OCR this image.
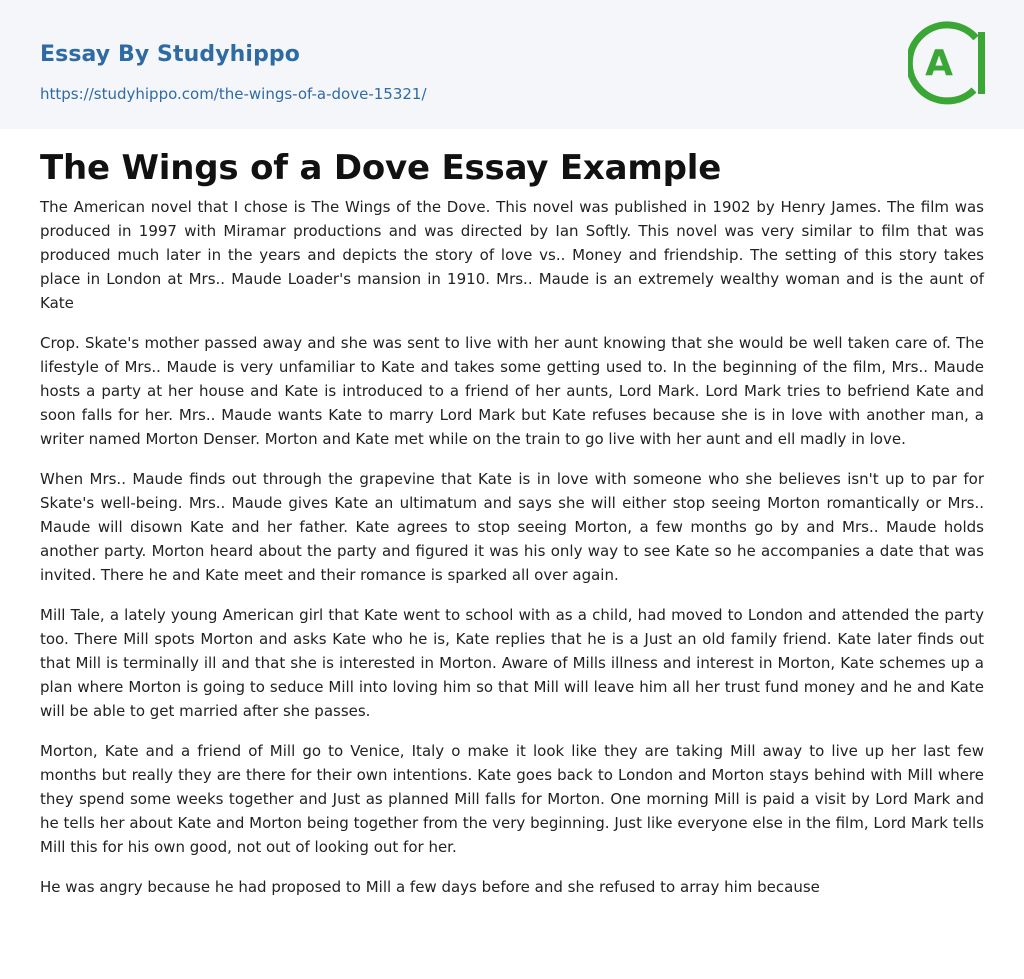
Essay By Studyhippo
https://studyhippo.com/the-wings-of-a-dove-15321/
A
The Wings of a Dove Essay Example

The American novel that I chose is The Wings of the Dove. This novel was published in 1902 by Henry James. The film was produced in 1997 with Miramar productions and was directed by Ian Softly. This novel was very similar to film that was produced much later in the years and depicts the story of love vs.. Money and friendship. The setting of this story takes place in London at Mrs.. Maude Loader's mansion in 1910. Mrs.. Maude is an extremely wealthy woman and is the aunt of Kate

Crop. Skate's mother passed away and she was sent to live with her aunt knowing that she would be well taken care of. The lifestyle of Mrs.. Maude is very unfamiliar to Kate and takes some getting used to. In the beginning of the film, Mrs.. Maude hosts a party at her house and Kate is introduced to a friend of her aunts, Lord Mark. Lord Mark tries to befriend Kate and soon falls for her. Mrs.. Maude wants Kate to marry Lord Mark but Kate refuses because she is in love with another man, a writer named Morton Denser. Morton and Kate met while on the train to go live with her aunt and ell madly in love.

When Mrs.. Maude finds out through the grapevine that Kate is in love with someone who she believes isn't up to par for Skate's well-being. Mrs.. Maude gives Kate an ultimatum and says she will either stop seeing Morton romantically or Mrs.. Maude will disown Kate and her father. Kate agrees to stop seeing Morton, a few months go by and Mrs.. Maude holds another party. Morton heard about the party and figured it was his only way to see Kate so he accompanies a date that was invited. There he and Kate meet and their romance is sparked all over again.

Mill Tale, a lately young American girl that Kate went to school with as a child, had moved to London and attended the party too. There Mill spots Morton and asks Kate who he is, Kate replies that he is a Just an old family friend. Kate later finds out that Mill is terminally ill and that she is interested in Morton. Aware of Mills illness and interest in Morton, Kate schemes up a plan where Morton is going to seduce Mill into loving him so that Mill will leave him all her trust fund money and he and Kate will be able to get married after she passes.

Morton, Kate and a friend of Mill go to Venice, Italy o make it look like they are taking Mill away to live up her last few months but really they are there for their own intentions. Kate goes back to London and Morton stays behind with Mill where they spend some weeks together and Just as planned Mill falls for Morton. One morning Mill is paid a visit by Lord Mark and he tells her about Kate and Morton being together from the very beginning. Just like everyone else in the film, Lord Mark tells Mill this for his own good, not out of looking out for her.

He was angry because he had proposed to Mill a few days before and she refused to array him because
